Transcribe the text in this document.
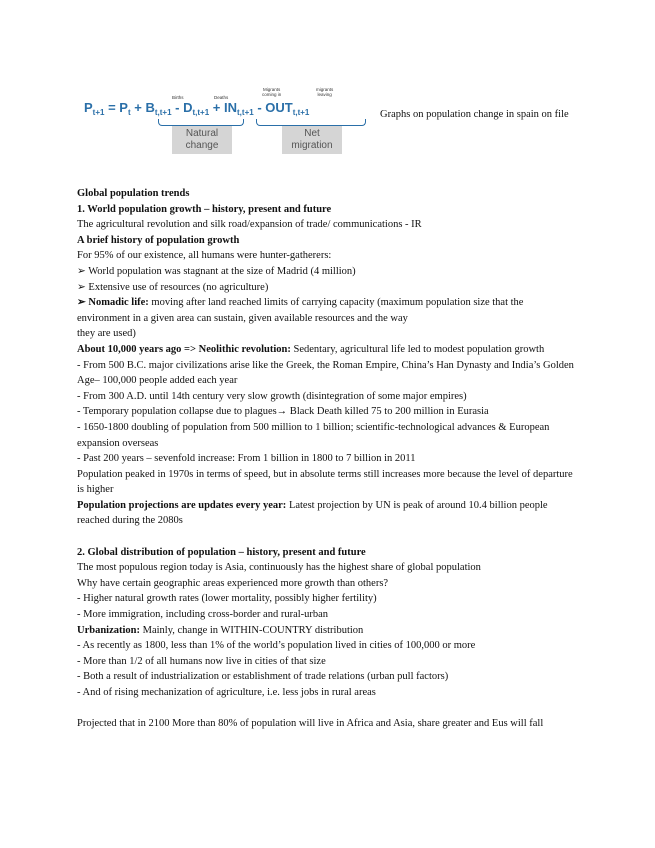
$P_{t+1} = P_t + B_{t,t+1} - D_{t,t+1} + IN_{t,t+1} - OUT_{t,t+1}$
Births	Deaths
Migrants
coming in
migrants
leaving
Natural
change
Net
migration
Graphs on population change in spain on file

Global population trends

1. World population growth – history, present and future

The agricultural revolution and silk road/expansion of trade/ communications - IR

A brief history of population growth

For 95% of our existence, all humans were hunter-gatherers:

➢ World population was stagnant at the size of Madrid (4 million)

➢ Extensive use of resources (no agriculture)

➢ Nomadic life: moving after land reached limits of carrying capacity (maximum population size that the environment in a given area can sustain, given available resources and the way

they are used)

About 10,000 years ago => Neolithic revolution: Sedentary, agricultural life led to modest population growth

- From 500 B.C. major civilizations arise like the Greek, the Roman Empire, China’s Han Dynasty and India’s Golden Age– 100,000 people added each year

- From 300 A.D. until 14th century very slow growth (disintegration of some major empires)

- Temporary population collapse due to plagues→ Black Death killed 75 to 200 million in Eurasia

- 1650-1800 doubling of population from 500 million to 1 billion; scientific-technological advances & European expansion overseas

- Past 200 years – sevenfold increase: From 1 billion in 1800 to 7 billion in 2011

Population peaked in 1970s in terms of speed, but in absolute terms still increases more because the level of departure is higher

Population projections are updates every year: Latest projection by UN is peak of around 10.4 billion people reached during the 2080s

2. Global distribution of population – history, present and future

The most populous region today is Asia, continuously has the highest share of global population

Why have certain geographic areas experienced more growth than others?

- Higher natural growth rates (lower mortality, possibly higher fertility)

- More immigration, including cross-border and rural-urban

Urbanization: Mainly, change in WITHIN-COUNTRY distribution

- As recently as 1800, less than 1% of the world’s population lived in cities of 100,000 or more

- More than 1/2 of all humans now live in cities of that size

- Both a result of industrialization or establishment of trade relations (urban pull factors)

- And of rising mechanization of agriculture, i.e. less jobs in rural areas

Projected that in 2100 More than 80% of population will live in Africa and Asia, share greater and Eus will fall
